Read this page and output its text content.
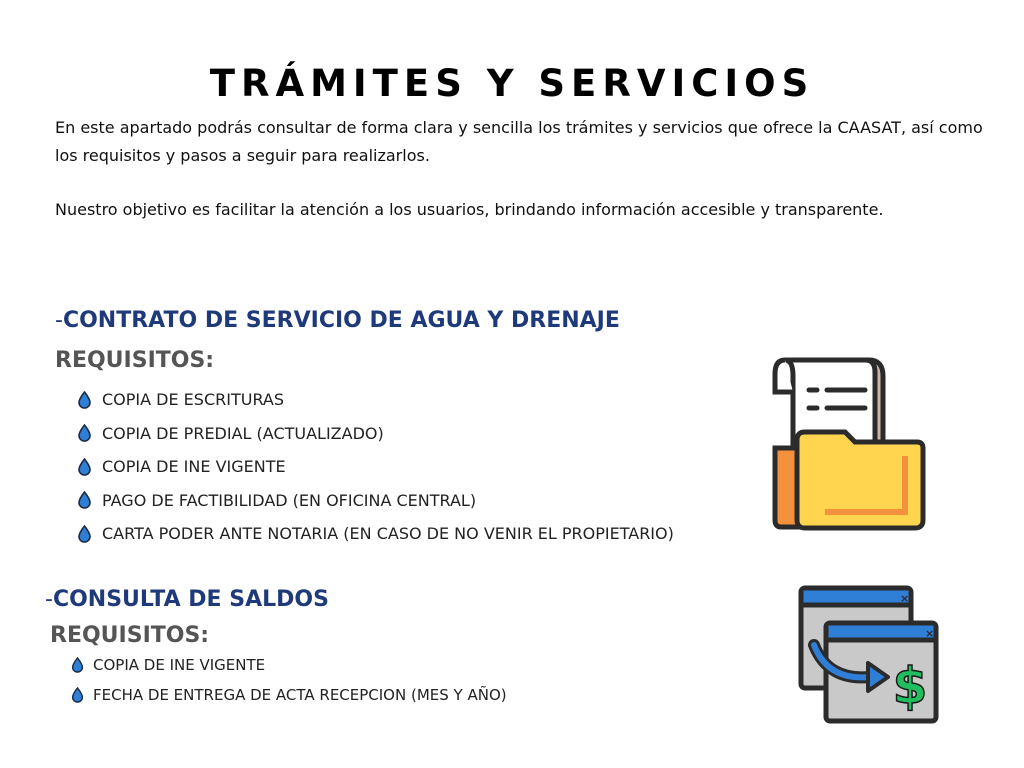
TRÁMITES Y SERVICIOS

En este apartado podrás consultar de forma clara y sencilla los trámites y servicios que ofrece la CAASAT, así como los requisitos y pasos a seguir para realizarlos.

Nuestro objetivo es facilitar la atención a los usuarios, brindando información accesible y transparente.

-CONTRATO DE SERVICIO DE AGUA Y DRENAJE
REQUISITOS:
COPIA DE ESCRITURAS
COPIA DE PREDIAL (ACTUALIZADO)
COPIA DE INE VIGENTE
PAGO DE FACTIBILIDAD (EN OFICINA CENTRAL)
CARTA PODER ANTE NOTARIA (EN CASO DE NO VENIR EL PROPIETARIO)
-CONSULTA DE SALDOS
REQUISITOS:
COPIA DE INE VIGENTE
FECHA DE ENTREGA DE ACTA RECEPCION (MES Y AÑO)
×
×
$
